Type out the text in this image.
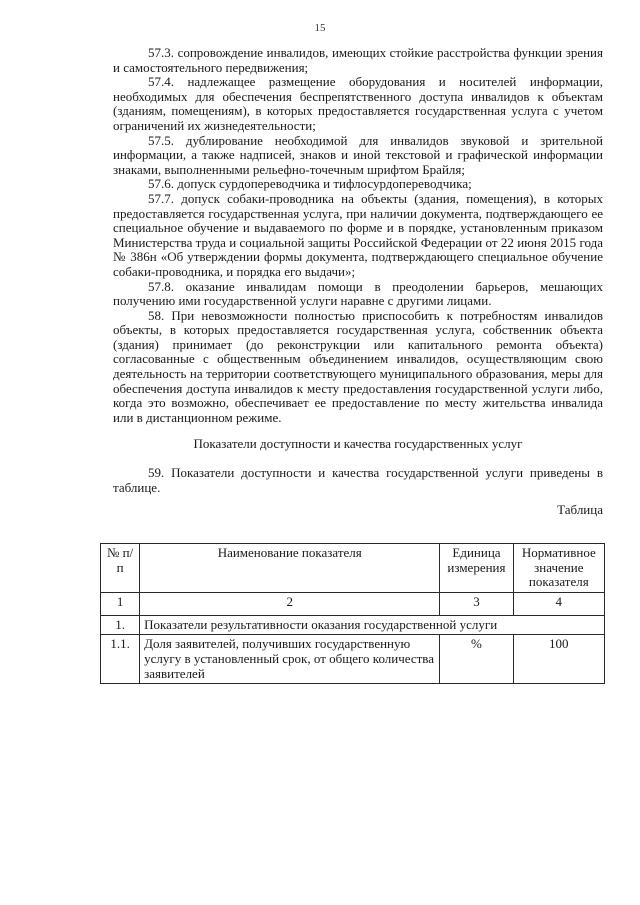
15

57.3. сопровождение инвалидов, имеющих стойкие расстройства функции зрения и самостоятельного передвижения;

57.4. надлежащее размещение оборудования и носителей информации, необходимых для обеспечения беспрепятственного доступа инвалидов к объектам (зданиям, помещениям), в которых предоставляется государственная услуга с учетом ограничений их жизнедеятельности;

57.5. дублирование необходимой для инвалидов звуковой и зрительной информации, а также надписей, знаков и иной текстовой и графической информации знаками, выполненными рельефно-точечным шрифтом Брайля;

57.6. допуск сурдопереводчика и тифлосурдопереводчика;

57.7. допуск собаки-проводника на объекты (здания, помещения), в которых предоставляется государственная услуга, при наличии документа, подтверждающего ее специальное обучение и выдаваемого по форме и в порядке, установленным приказом Министерства труда и социальной защиты Российской Федерации от 22 июня 2015 года № 386н «Об утверждении формы документа, подтверждающего специальное обучение собаки-проводника, и порядка его выдачи»;

57.8. оказание инвалидам помощи в преодолении барьеров, мешающих получению ими государственной услуги наравне с другими лицами.

58. При невозможности полностью приспособить к потребностям инвалидов объекты, в которых предоставляется государственная услуга, собственник объекта (здания) принимает (до реконструкции или капитального ремонта объекта) согласованные с общественным объединением инвалидов, осуществляющим свою деятельность на территории соответствующего муниципального образования, меры для обеспечения доступа инвалидов к месту предоставления государственной услуги либо, когда это возможно, обеспечивает ее предоставление по месту жительства инвалида или в дистанционном режиме.

Показатели доступности и качества государственных услуг

59. Показатели доступности и качества государственной услуги приведены в таблице.

Таблица

№ п/п	Наименование показателя	Единица измерения	Нормативное значение показателя
1	2	3	4
1.	Показатели результативности оказания государственной услуги		
1.1.	Доля заявителей, получивших государственную услугу в установленный срок, от общего количества заявителей	%	100
